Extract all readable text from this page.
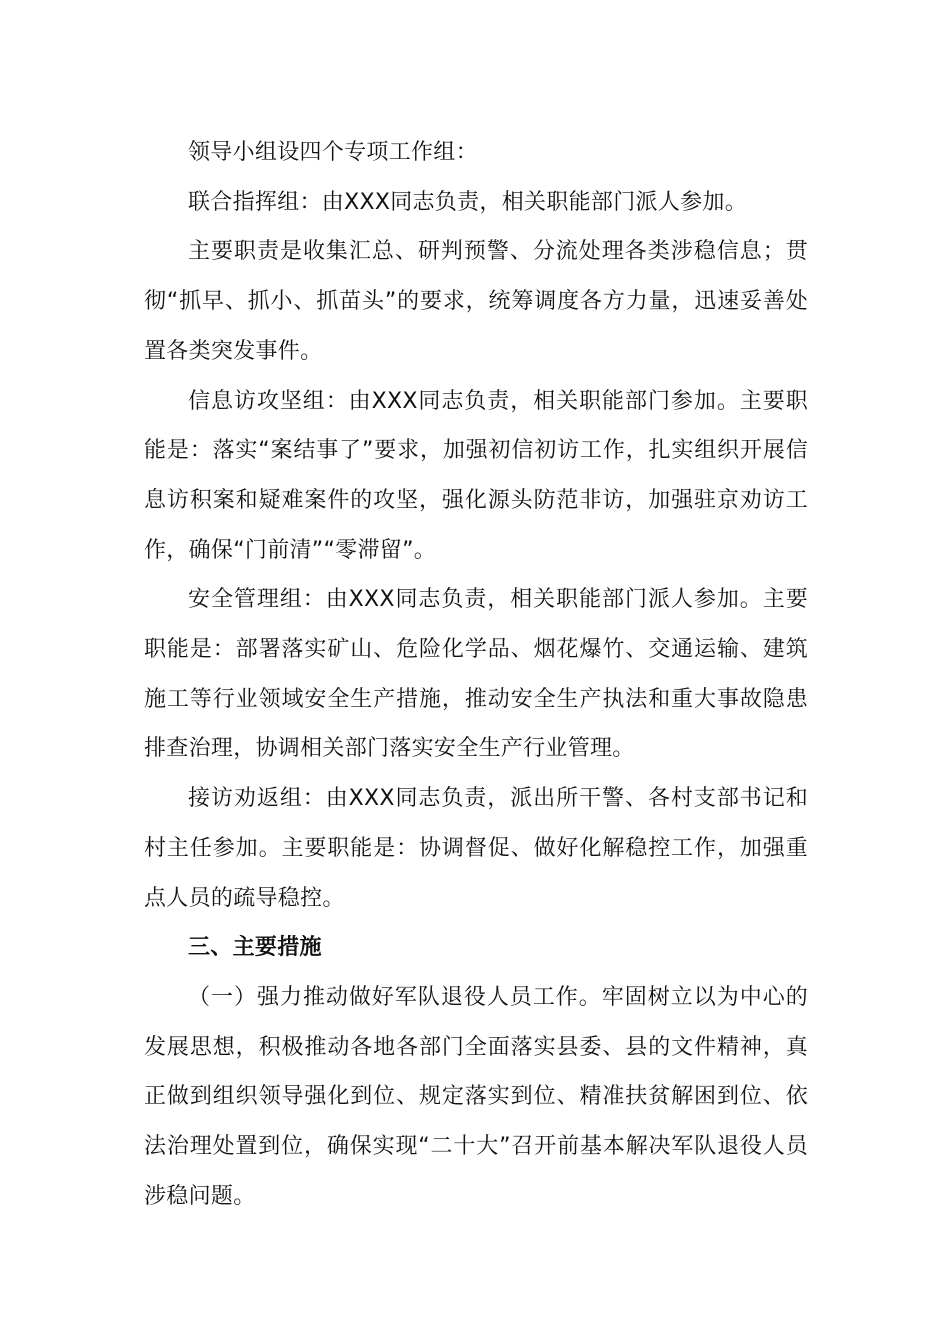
领导小组设四个专项工作组：

联合指挥组：由XXX同志负责，相关职能部门派人参加。

主要职责是收集汇总、研判预警、分流处理各类涉稳信息；贯彻“抓早、抓小、抓苗头”的要求，统筹调度各方力量，迅速妥善处置各类突发事件。

信息访攻坚组：由XXX同志负责，相关职能部门参加。主要职能是：落实“案结事了”要求，加强初信初访工作，扎实组织开展信息访积案和疑难案件的攻坚，强化源头防范非访，加强驻京劝访工作，确保“门前清”“零滞留”。

安全管理组：由XXX同志负责，相关职能部门派人参加。主要职能是：部署落实矿山、危险化学品、烟花爆竹、交通运输、建筑施工等行业领域安全生产措施，推动安全生产执法和重大事故隐患排查治理，协调相关部门落实安全生产行业管理。

接访劝返组：由XXX同志负责，派出所干警、各村支部书记和村主任参加。主要职能是：协调督促、做好化解稳控工作，加强重点人员的疏导稳控。

三、主要措施

（一）强力推动做好军队退役人员工作。牢固树立以为中心的发展思想，积极推动各地各部门全面落实县委、县的文件精神，真正做到组织领导强化到位、规定落实到位、精准扶贫解困到位、依法治理处置到位，确保实现“二十大”召开前基本解决军队退役人员涉稳问题。
